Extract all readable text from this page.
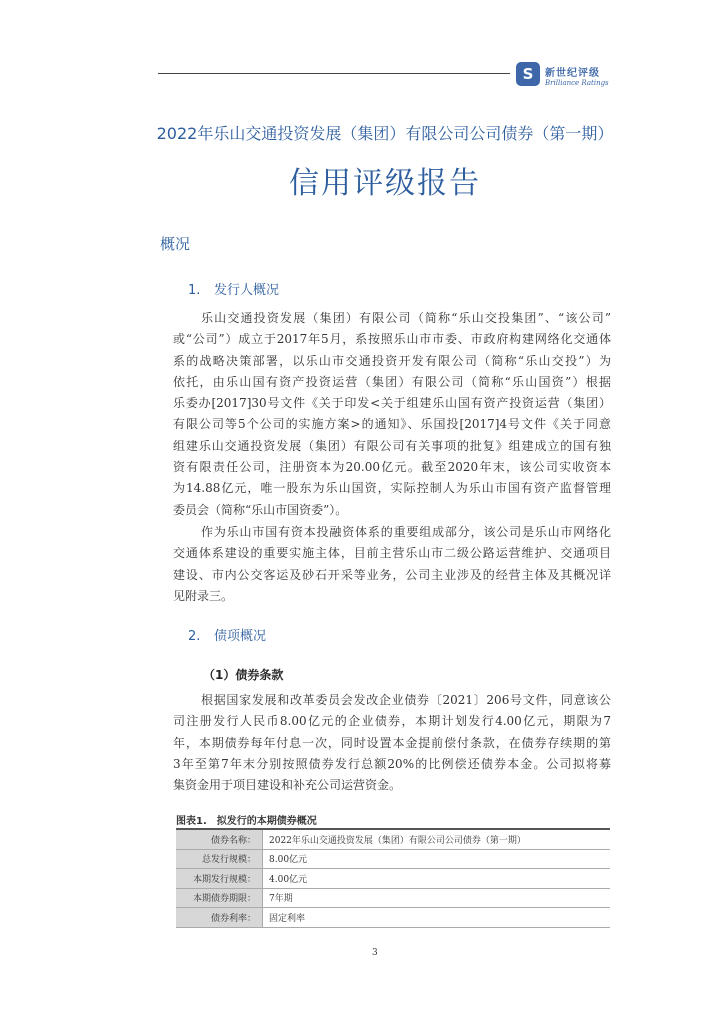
S	新世纪评级
Brilliance Ratings
2022年乐山交通投资发展（集团）有限公司公司债券（第一期）
信用评级报告
概况
1. 发行人概况
乐山交通投资发展（集团）有限公司（简称“乐山交投集团”、“该公司”
或“公司”）成立于2017年5月，系按照乐山市市委、市政府构建网络化交通体
系的战略决策部署，以乐山市交通投资开发有限公司（简称“乐山交投”）为
依托，由乐山国有资产投资运营（集团）有限公司（简称“乐山国资”）根据
乐委办[2017]30号文件《关于印发<关于组建乐山国有资产投资运营（集团）
有限公司等5个公司的实施方案>的通知》、乐国投[2017]4号文件《关于同意
组建乐山交通投资发展（集团）有限公司有关事项的批复》组建成立的国有独
资有限责任公司，注册资本为20.00亿元。截至2020年末，该公司实收资本
为14.88亿元，唯一股东为乐山国资，实际控制人为乐山市国有资产监督管理
委员会（简称“乐山市国资委”）。
作为乐山市国有资本投融资体系的重要组成部分，该公司是乐山市网络化
交通体系建设的重要实施主体，目前主营乐山市二级公路运营维护、交通项目
建设、市内公交客运及砂石开采等业务，公司主业涉及的经营主体及其概况详
见附录三。
2. 债项概况
（1）债券条款
根据国家发展和改革委员会发改企业债券〔2021〕206号文件，同意该公
司注册发行人民币8.00亿元的企业债券，本期计划发行4.00亿元，期限为7
年，本期债券每年付息一次，同时设置本金提前偿付条款，在债券存续期的第
3年至第7年末分别按照债券发行总额20%的比例偿还债券本金。公司拟将募
集资金用于项目建设和补充公司运营资金。
图表1.　拟发行的本期债券概况
债券名称：	2022年乐山交通投资发展（集团）有限公司公司债券（第一期）
总发行规模：	8.00亿元
本期发行规模：	4.00亿元
本期债券期限：	7年期
债券利率：	固定利率
3
